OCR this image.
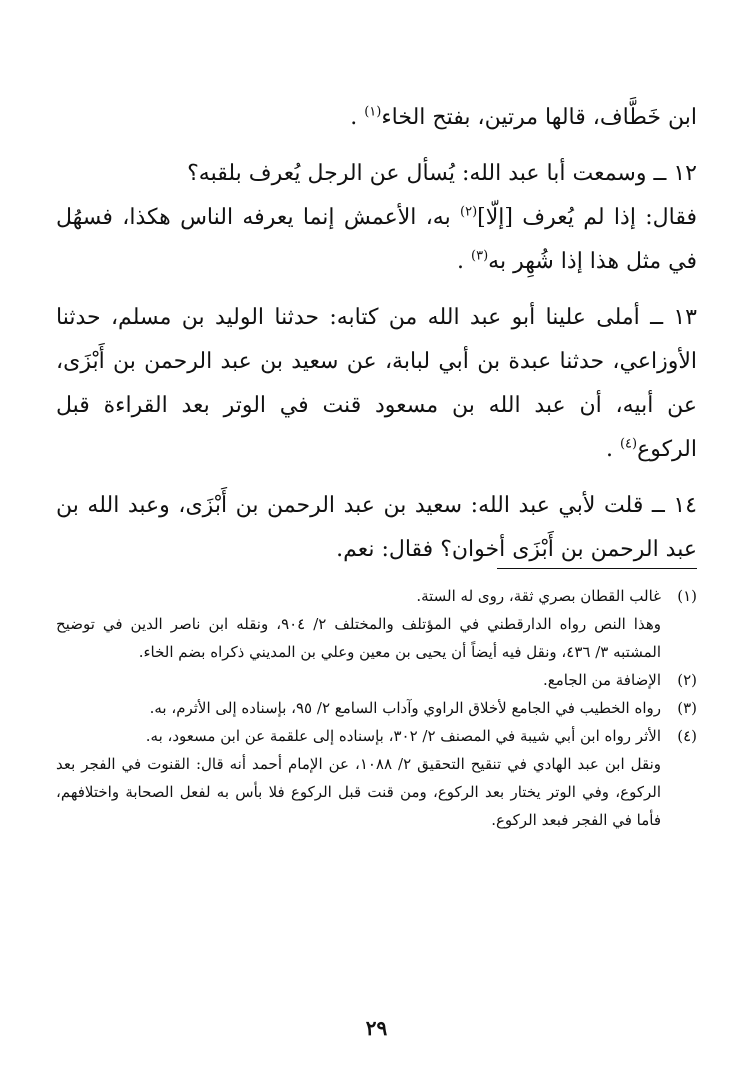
ابن خَطَّاف، قالها مرتين، بفتح الخاء$^{(١)}$ .

١٢ ــ وسمعت أبا عبد الله: يُسأل عن الرجل يُعرف بلقبه؟
فقال: إذا لم يُعرف [إلّا]$^{(٢)}$ به، الأعمش إنما يعرفه الناس هكذا، فسهُل في مثل هذا إذا شُهِر به$^{(٣)}$ .

١٣ ــ أملى علينا أبو عبد الله من كتابه: حدثنا الوليد بن مسلم، حدثنا الأوزاعي، حدثنا عبدة بن أبي لبابة، عن سعيد بن عبد الرحمن بن أَبْزَى، عن أبيه، أن عبد الله بن مسعود قنت في الوتر بعد القراءة قبل الركوع$^{(٤)}$ .

١٤ ــ قلت لأبي عبد الله: سعيد بن عبد الرحمن بن أَبْزَى، وعبد الله بن عبد الرحمن بن أَبْزَى أخوان؟ فقال: نعم.

(١)
غالب القطان بصري ثقة، روى له الستة.
وهذا النص رواه الدارقطني في المؤتلف والمختلف ٢/ ٩٠٤، ونقله ابن ناصر الدين في توضيح المشتبه ٣/ ٤٣٦، ونقل فيه أيضاً أن يحيى بن معين وعلي بن المديني ذكراه بضم الخاء.
(٢)
الإضافة من الجامع.
(٣)
رواه الخطيب في الجامع لأخلاق الراوي وآداب السامع ٢/ ٩٥، بإسناده إلى الأثرم، به.
(٤)
الأثر رواه ابن أبي شيبة في المصنف ٢/ ٣٠٢، بإسناده إلى علقمة عن ابن مسعود، به.
ونقل ابن عبد الهادي في تنقيح التحقيق ٢/ ١٠٨٨، عن الإمام أحمد أنه قال: القنوت في الفجر بعد الركوع، وفي الوتر يختار بعد الركوع، ومن قنت قبل الركوع فلا بأس به لفعل الصحابة واختلافهم، فأما في الفجر فبعد الركوع.
٢٩
